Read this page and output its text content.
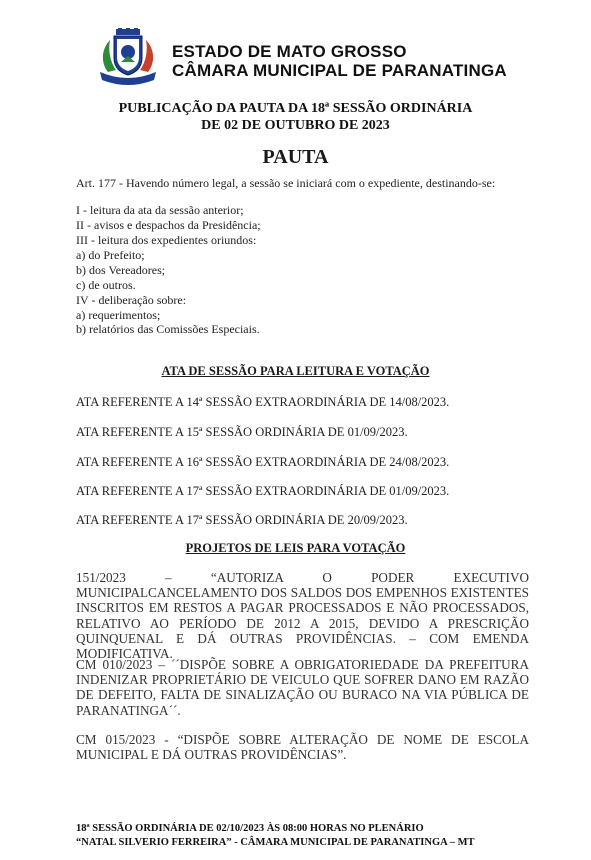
ESTADO DE MATO GROSSO
CÂMARA MUNICIPAL DE PARANATINGA
PUBLICAÇÃO DA PAUTA DA 18ª SESSÃO ORDINÁRIA
DE 02 DE OUTUBRO DE 2023
PAUTA
Art. 177 - Havendo número legal, a sessão se iniciará com o expediente, destinando-se:
I - leitura da ata da sessão anterior;
II - avisos e despachos da Presidência;
III - leitura dos expedientes oriundos:
a) do Prefeito;
b) dos Vereadores;
c) de outros.
IV - deliberação sobre:
a) requerimentos;
b) relatórios das Comissões Especiais.
ATA DE SESSÃO PARA LEITURA E VOTAÇÃO
ATA REFERENTE A 14ª SESSÃO EXTRAORDINÁRIA DE 14/08/2023.
ATA REFERENTE A 15ª SESSÃO ORDINÁRIA DE 01/09/2023.
ATA REFERENTE A 16ª SESSÃO EXTRAORDINÁRIA DE 24/08/2023.
ATA REFERENTE A 17ª SESSÃO EXTRAORDINÁRIA DE 01/09/2023.
ATA REFERENTE A 17ª SESSÃO ORDINÁRIA DE 20/09/2023.
PROJETOS DE LEIS PARA VOTAÇÃO
151/2023 – “AUTORIZA O PODER EXECUTIVO MUNICIPALCANCELAMENTO DOS SALDOS DOS EMPENHOS EXISTENTES INSCRITOS EM RESTOS A PAGAR PROCESSADOS E NÃO PROCESSADOS, RELATIVO AO PERÍODO DE 2012 A 2015, DEVIDO A PRESCRIÇÃO QUINQUENAL E DÁ OUTRAS PROVIDÊNCIAS. – COM EMENDA MODIFICATIVA.
CM 010/2023 – ´´DISPÕE SOBRE A OBRIGATORIEDADE DA PREFEITURA INDENIZAR PROPRIETÁRIO DE VEICULO QUE SOFRER DANO EM RAZÃO DE DEFEITO, FALTA DE SINALIZAÇÃO OU BURACO NA VIA PÚBLICA DE PARANATINGA´´.
CM 015/2023 - “DISPÕE SOBRE ALTERAÇÃO DE NOME DE ESCOLA MUNICIPAL E DÁ OUTRAS PROVIDÊNCIAS”.
18ª SESSÃO ORDINÁRIA DE 02/10/2023 ÀS 08:00 HORAS NO PLENÁRIO
“NATAL SILVERIO FERREIRA” - CÂMARA MUNICIPAL DE PARANATINGA – MT
